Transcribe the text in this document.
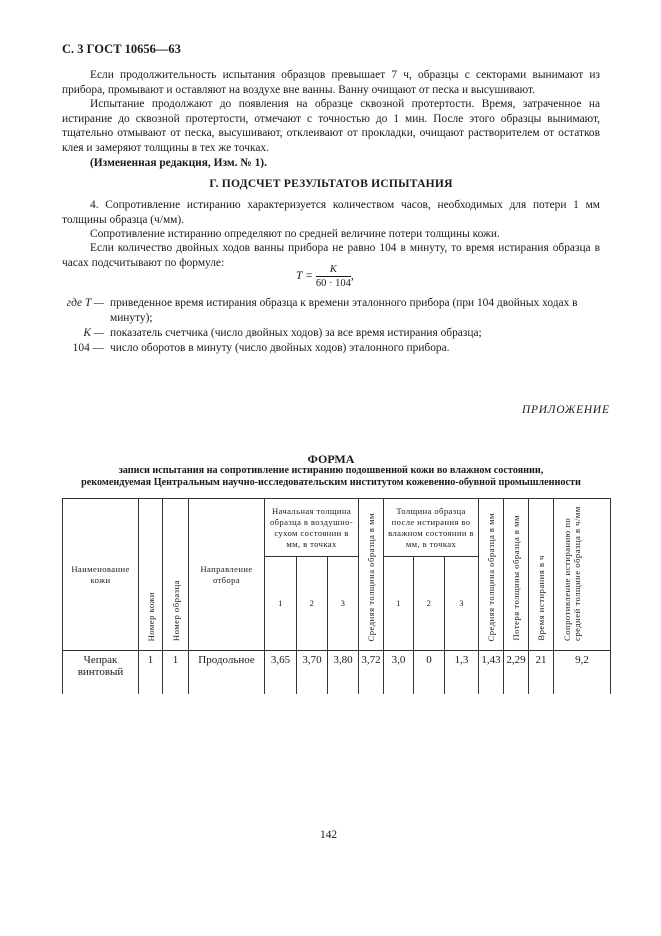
С. 3 ГОСТ 10656—63
Если продолжительность испытания образцов превышает 7 ч, образцы с секторами вынимают из прибора, промывают и оставляют на воздухе вне ванны. Ванну очищают от песка и высушивают.
Испытание продолжают до появления на образце сквозной протертости. Время, затраченное на истирание до сквозной протертости, отмечают с точностью до 1 мин. После этого образцы вынимают, тщательно отмывают от песка, высушивают, отклеивают от прокладки, очищают растворителем от остатков клея и замеряют толщины в тех же точках.
(Измененная редакция, Изм. № 1).
Г. ПОДСЧЕТ РЕЗУЛЬТАТОВ ИСПЫТАНИЯ
4. Сопротивление истиранию характеризуется количеством часов, необходимых для потери 1 мм толщины образца (ч/мм).
Сопротивление истиранию определяют по средней величине потери толщины кожи.
Если количество двойных ходов ванны прибора не равно 104 в минуту, то время истирания образца в часах подсчитывают по формуле:
$T = \frac{K}{60 \cdot 104}$ ,
где T — приведенное время истирания образца к времени эталонного прибора (при 104 двойных ходах в минуту);
K — показатель счетчика (число двойных ходов) за все время истирания образца;
104 — число оборотов в минуту (число двойных ходов) эталонного прибора.
ПРИЛОЖЕНИЕ
ФОРМА
записи испытания на сопротивление истиранию подошвенной кожи во влажном состоянии,
рекомендуемая Центральным научно-исследовательским институтом кожевенно-обувной промышленности
Наименование кожи	Номер кожи	Номер образца	Направление отбора	Начальная толщина образца в воздушно-сухом состоянии в мм, в точках			Средняя толщина образца в мм	Толщина образца после истирания во влажном состоянии в мм, в точках			Средняя толщина образца в мм	Потеря толщины образца в мм	Время истирания в ч	Сопротивление истиранию по средней толщине образца в ч/мм
				1	2	3		1	2	3				
Чепрак винтовый	1	1	Продольное	3,65	3,70	3,80	3,72	3,0	0	1,3	1,43	2,29	21	9,2
142
